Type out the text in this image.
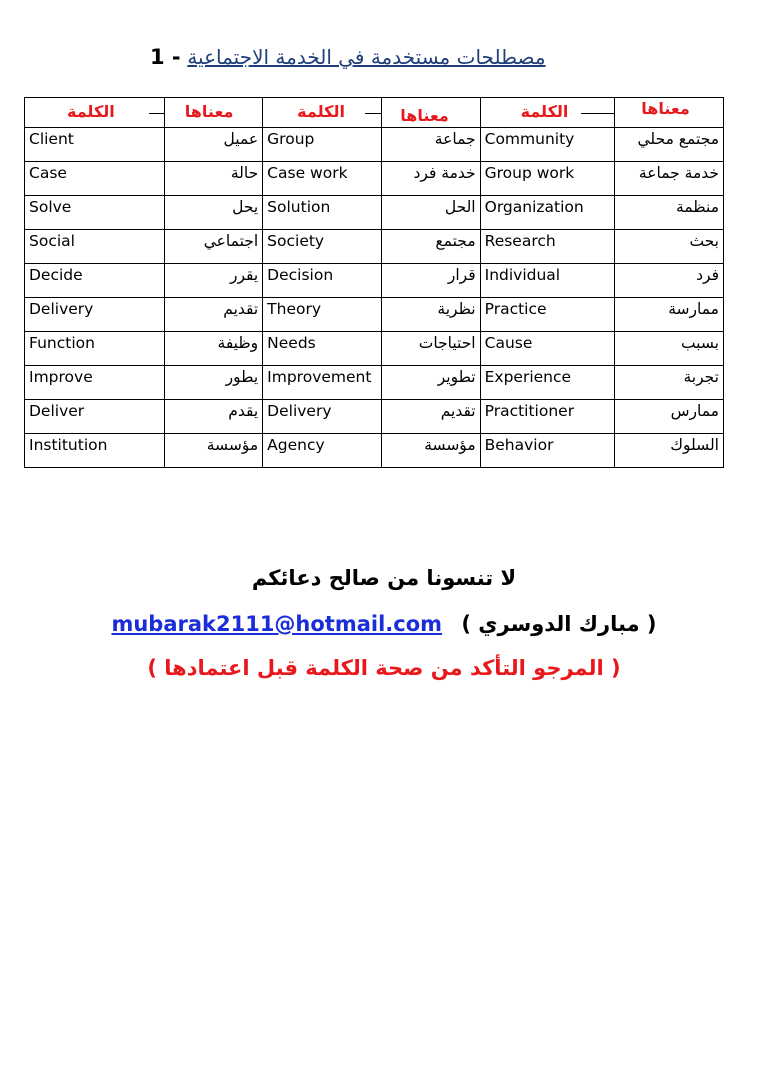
1 - مصطلحات مستخدمة في الخدمة الاجتماعية
الكلمة	معناها	الكلمة	معناها	الكلمة	معناها

Client	عميل	Group	جماعة	Community	مجتمع محلي
Case	حالة	Case work	خدمة فرد	Group work	خدمة جماعة
Solve	يحل	Solution	الحل	Organization	منظمة
Social	اجتماعي	Society	مجتمع	Research	بحث
Decide	يقرر	Decision	قرار	Individual	فرد
Delivery	تقديم	Theory	نظرية	Practice	ممارسة
Function	وظيفة	Needs	احتياجات	Cause	بسبب
Improve	يطور	Improvement	تطوير	Experience	تجربة
Deliver	يقدم	Delivery	تقديم	Practitioner	ممارس
Institution	مؤسسة	Agency	مؤسسة	Behavior	السلوك
لا تنسونا من صالح دعائكم
mubarak2111@hotmail.com ( مبارك الدوسري )
( المرجو التأكد من صحة الكلمة قبل اعتمادها )
